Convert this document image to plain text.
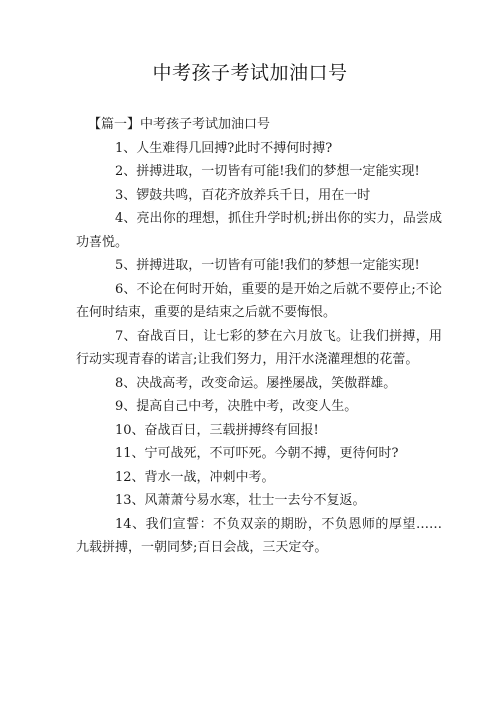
中考孩子考试加油口号

【篇一】中考孩子考试加油口号

1、人生难得几回搏?此时不搏何时搏?

2、拼搏进取，一切皆有可能!我们的梦想一定能实现!

3、锣鼓共鸣，百花齐放养兵千日，用在一时

4、亮出你的理想，抓住升学时机;拼出你的实力，品尝成功喜悦。

5、拼搏进取，一切皆有可能!我们的梦想一定能实现!

6、不论在何时开始，重要的是开始之后就不要停止;不论在何时结束，重要的是结束之后就不要悔恨。

7、奋战百日，让七彩的梦在六月放飞。让我们拼搏，用行动实现青春的诺言;让我们努力，用汗水浇灌理想的花蕾。

8、决战高考，改变命运。屡挫屡战，笑傲群雄。

9、提高自己中考，决胜中考，改变人生。

10、奋战百日，三载拼搏终有回报!

11、宁可战死，不可吓死。今朝不搏，更待何时?

12、背水一战，冲刺中考。

13、风萧萧兮易水寒，壮士一去兮不复返。

14、我们宣誓：不负双亲的期盼，不负恩师的厚望……九载拼搏，一朝同梦;百日会战，三天定夺。
